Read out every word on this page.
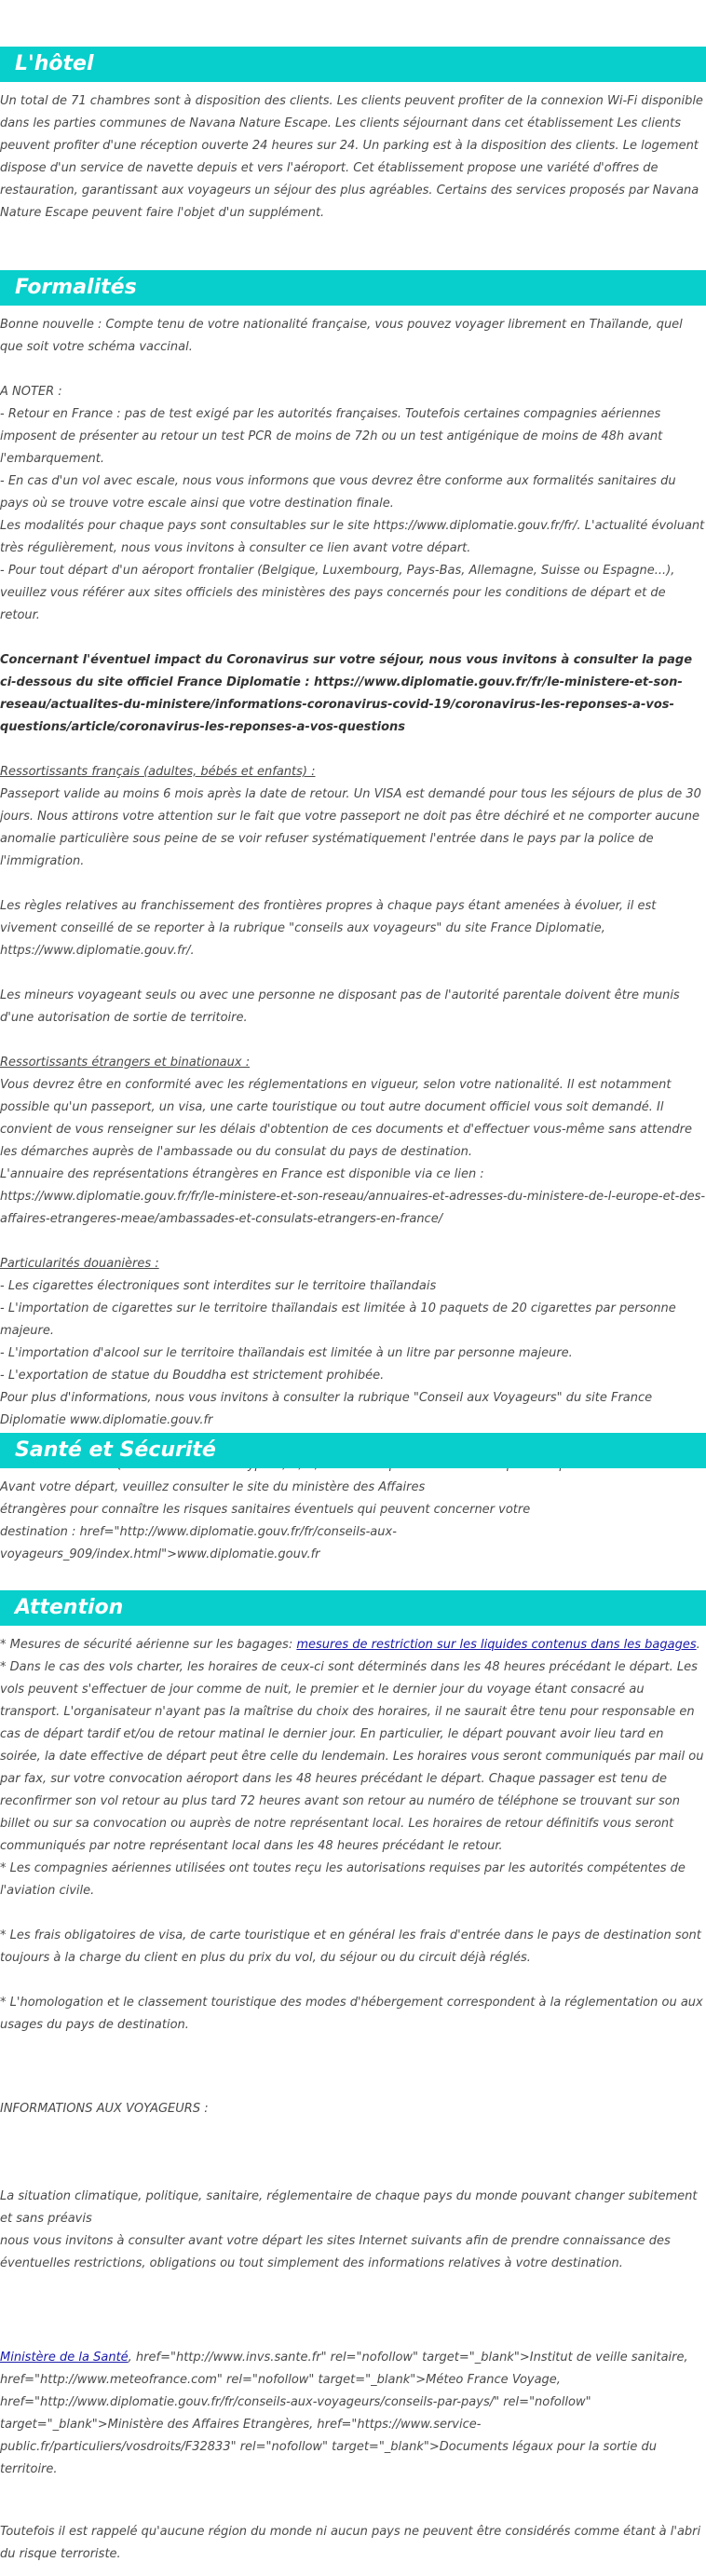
L'hôtel

Un total de 71 chambres sont à disposition des clients. Les clients peuvent profiter de la connexion Wi-Fi disponible dans les parties communes de Navana Nature Escape. Les clients séjournant dans cet établissement Les clients peuvent profiter d'une réception ouverte 24 heures sur 24. Un parking est à la disposition des clients. Le logement dispose d'un service de navette depuis et vers l'aéroport. Cet établissement propose une variété d'offres de restauration, garantissant aux voyageurs un séjour des plus agréables. Certains des services proposés par Navana Nature Escape peuvent faire l'objet d'un supplément.

Formalités

Bonne nouvelle : Compte tenu de votre nationalité française, vous pouvez voyager librement en Thaïlande, quel que soit votre schéma vaccinal.

A NOTER :

- Retour en France : pas de test exigé par les autorités françaises. Toutefois certaines compagnies aériennes imposent de présenter au retour un test PCR de moins de 72h ou un test antigénique de moins de 48h avant l'embarquement.

- En cas d'un vol avec escale, nous vous informons que vous devrez être conforme aux formalités sanitaires du pays où se trouve votre escale ainsi que votre destination finale.

Les modalités pour chaque pays sont consultables sur le site https://www.diplomatie.gouv.fr/fr/. L'actualité évoluant très régulièrement, nous vous invitons à consulter ce lien avant votre départ.

- Pour tout départ d'un aéroport frontalier (Belgique, Luxembourg, Pays-Bas, Allemagne, Suisse ou Espagne...), veuillez vous référer aux sites officiels des ministères des pays concernés pour les conditions de départ et de retour.

Concernant l'éventuel impact du Coronavirus sur votre séjour, nous vous invitons à consulter la page ci-dessous du site officiel France Diplomatie : https://www.diplomatie.gouv.fr/fr/le-ministere-et-son-reseau/actualites-du-ministere/informations-coronavirus-covid-19/coronavirus-les-reponses-a-vos-questions/article/coronavirus-les-reponses-a-vos-questions

Ressortissants français (adultes, bébés et enfants) :

Passeport valide au moins 6 mois après la date de retour. Un VISA est demandé pour tous les séjours de plus de 30 jours. Nous attirons votre attention sur le fait que votre passeport ne doit pas être déchiré et ne comporter aucune anomalie particulière sous peine de se voir refuser systématiquement l'entrée dans le pays par la police de l'immigration.

Les règles relatives au franchissement des frontières propres à chaque pays étant amenées à évoluer, il est vivement conseillé de se reporter à la rubrique "conseils aux voyageurs" du site France Diplomatie, https://www.diplomatie.gouv.fr/.

Les mineurs voyageant seuls ou avec une personne ne disposant pas de l'autorité parentale doivent être munis d'une autorisation de sortie de territoire.

Ressortissants étrangers et binationaux :

Vous devrez être en conformité avec les réglementations en vigueur, selon votre nationalité. Il est notamment possible qu'un passeport, un visa, une carte touristique ou tout autre document officiel vous soit demandé. Il convient de vous renseigner sur les délais d'obtention de ces documents et d'effectuer vous-même sans attendre les démarches auprès de l'ambassade ou du consulat du pays de destination.

L'annuaire des représentations étrangères en France est disponible via ce lien : https://www.diplomatie.gouv.fr/fr/le-ministere-et-son-reseau/annuaires-et-adresses-du-ministere-de-l-europe-et-des-affaires-etrangeres-meae/ambassades-et-consulats-etrangers-en-france/

Particularités douanières :

- Les cigarettes électroniques sont interdites sur le territoire thaïlandais

- L'importation de cigarettes sur le territoire thaïlandais est limitée à 10 paquets de 20 cigarettes par personne majeure.

- L'importation d'alcool sur le territoire thaïlandais est limitée à un litre par personne majeure.

- L'exportation de statue du Bouddha est strictement prohibée.

Pour plus d'informations, nous vous invitons à consulter la rubrique "Conseil aux Voyageurs" du site France Diplomatie www.diplomatie.gouv.fr

Santé et Sécurité

Avant votre départ, veuillez consulter le site du ministère des Affaires

étrangères pour connaître les risques sanitaires éventuels qui peuvent concerner votre

destination : href="http://www.diplomatie.gouv.fr/fr/conseils-aux-voyageurs_909/index.html">www.diplomatie.gouv.fr

Attention

* Mesures de sécurité aérienne sur les bagages: mesures de restriction sur les liquides contenus dans les bagages.

* Dans le cas des vols charter, les horaires de ceux-ci sont déterminés dans les 48 heures précédant le départ. Les vols peuvent s'effectuer de jour comme de nuit, le premier et le dernier jour du voyage étant consacré au transport. L'organisateur n'ayant pas la maîtrise du choix des horaires, il ne saurait être tenu pour responsable en cas de départ tardif et/ou de retour matinal le dernier jour. En particulier, le départ pouvant avoir lieu tard en soirée, la date effective de départ peut être celle du lendemain. Les horaires vous seront communiqués par mail ou par fax, sur votre convocation aéroport dans les 48 heures précédant le départ. Chaque passager est tenu de reconfirmer son vol retour au plus tard 72 heures avant son retour au numéro de téléphone se trouvant sur son billet ou sur sa convocation ou auprès de notre représentant local. Les horaires de retour définitifs vous seront communiqués par notre représentant local dans les 48 heures précédant le retour.

* Les compagnies aériennes utilisées ont toutes reçu les autorisations requises par les autorités compétentes de l'aviation civile.

* Les frais obligatoires de visa, de carte touristique et en général les frais d'entrée dans le pays de destination sont toujours à la charge du client en plus du prix du vol, du séjour ou du circuit déjà réglés.

* L'homologation et le classement touristique des modes d'hébergement correspondent à la réglementation ou aux usages du pays de destination.

INFORMATIONS AUX VOYAGEURS :

La situation climatique, politique, sanitaire, réglementaire de chaque pays du monde pouvant changer subitement et sans préavis

nous vous invitons à consulter avant votre départ les sites Internet suivants afin de prendre connaissance des éventuelles restrictions, obligations ou tout simplement des informations relatives à votre destination.

Ministère de la Santé, href="http://www.invs.sante.fr" rel="nofollow" target="_blank">Institut de veille sanitaire, href="http://www.meteofrance.com" rel="nofollow" target="_blank">Méteo France Voyage, href="http://www.diplomatie.gouv.fr/fr/conseils-aux-voyageurs/conseils-par-pays/" rel="nofollow" target="_blank">Ministère des Affaires Etrangères, href="https://www.service-public.fr/particuliers/vosdroits/F32833" rel="nofollow" target="_blank">Documents légaux pour la sortie du territoire.

Toutefois il est rappelé qu'aucune région du monde ni aucun pays ne peuvent être considérés comme étant à l'abri du risque terroriste.
